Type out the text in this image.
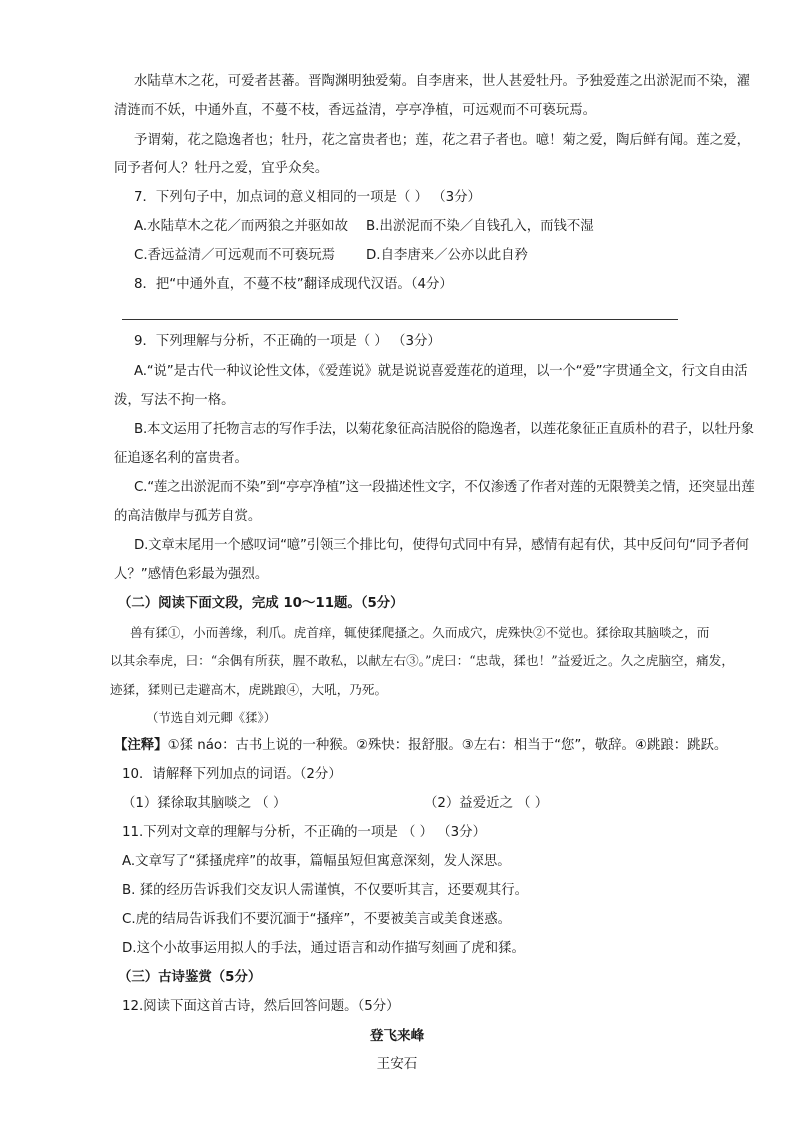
水陆草木之花，可爱者甚蕃。晋陶渊明独爱菊。自李唐来，世人甚爱牡丹。予独爱莲之出淤泥而不染，濯
清涟而不妖，中通外直，不蔓不枝，香远益清，亭亭净植，可远观而不可亵玩焉。
予谓菊，花之隐逸者也；牡丹，花之富贵者也；莲，花之君子者也。噫！菊之爱，陶后鲜有闻。莲之爱，
同予者何人？牡丹之爱，宜乎众矣。
7．下列句子中，加点词的意义相同的一项是（ ） （3分）
A.水陆草木之花／而两狼之并驱如故	B.出淤泥而不染／自钱孔入，而钱不湿
C.香远益清／可远观而不可亵玩焉	D.自李唐来／公亦以此自矜
8．把“中通外直，不蔓不枝”翻译成现代汉语。（4分）
9．下列理解与分析，不正确的一项是（ ） （3分）
A.“说”是古代一种议论性文体，《爱莲说》就是说说喜爱莲花的道理，以一个“爱”字贯通全文，行文自由活
泼，写法不拘一格。
B.本文运用了托物言志的写作手法，以菊花象征高洁脱俗的隐逸者，以莲花象征正直质朴的君子，以牡丹象
征追逐名利的富贵者。
C.“莲之出淤泥而不染”到“亭亭净植”这一段描述性文字，不仅渗透了作者对莲的无限赞美之情，还突显出莲
的高洁傲岸与孤芳自赏。
D.文章末尾用一个感叹词“噫”引领三个排比句，使得句式同中有异，感情有起有伏，其中反问句“同予者何
人？”感情色彩最为强烈。
（二）阅读下面文段，完成 10～11题。（5分）
兽有猱①，小而善缘，利爪。虎首痒，辄使猱爬搔之。久而成穴，虎殊快②不觉也。猱徐取其脑啖之，而
以其余奉虎，曰：“余偶有所获，腥不敢私，以献左右③。”虎曰：“忠哉，猱也！”益爱近之。久之虎脑空，痛发，
迹猱，猱则已走避高木，虎跳踉④，大吼，乃死。
（节选自刘元卿《猱》）
【注释】①猱 náo：古书上说的一种猴。②殊快：报舒服。③左右：相当于“您”，敬辞。④跳踉：跳跃。
10．请解释下列加点的词语。（2分）
（1）猱徐取其脑啖之 （ ）	（2）益爱近之 （ ）
11.下列对文章的理解与分析，不正确的一项是 （ ） （3分）
A.文章写了“猱搔虎痒”的故事，篇幅虽短但寓意深刻，发人深思。
B. 猱的经历告诉我们交友识人需谨慎，不仅要听其言，还要观其行。
C.虎的结局告诉我们不要沉湎于“搔痒”，不要被美言或美食迷惑。
D.这个小故事运用拟人的手法，通过语言和动作描写刻画了虎和猱。
（三）古诗鉴赏（5分）
12.阅读下面这首古诗，然后回答问题。（5分）
登飞来峰
王安石
